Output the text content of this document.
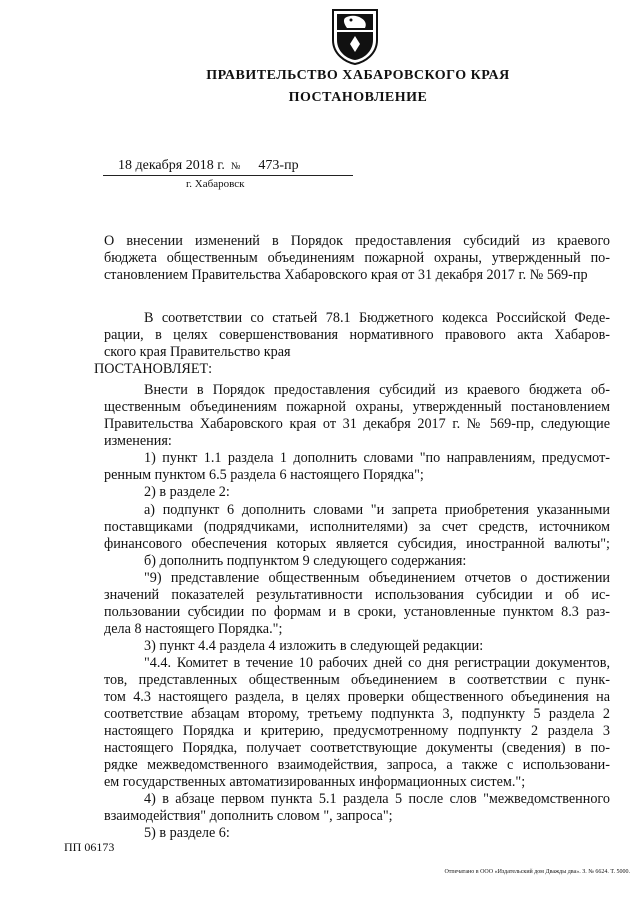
ПРАВИТЕЛЬСТВО ХАБАРОВСКОГО КРАЯ
ПОСТАНОВЛЕНИЕ
18 декабря 2018 г. № 473-пр
г. Хабаровск
О внесении изменений в Порядок предоставления субсидий из краевого
бюджета общественным объединениям пожарной охраны, утвержденный по-
становлением Правительства Хабаровского края от 31 декабря 2017 г. № 569-пр
В соответствии со статьей 78.1 Бюджетного кодекса Российской Феде-
рации, в целях совершенствования нормативного правового акта Хабаров-
ского края Правительство края
ПОСТАНОВЛЯЕТ:
Внести в Порядок предоставления субсидий из краевого бюджета об-
щественным объединениям пожарной охраны, утвержденный постановлением
Правительства Хабаровского края от 31 декабря 2017 г. № 569-пр, следующие
изменения:
1) пункт 1.1 раздела 1 дополнить словами "по направлениям, предусмот-
ренным пунктом 6.5 раздела 6 настоящего Порядка";
2) в разделе 2:
а) подпункт 6 дополнить словами "и запрета приобретения указанными
поставщиками (подрядчиками, исполнителями) за счет средств, источником
финансового обеспечения которых является субсидия, иностранной валюты";
б) дополнить подпунктом 9 следующего содержания:
"9) представление общественным объединением отчетов о достижении
значений показателей результативности использования субсидии и об ис-
пользовании субсидии по формам и в сроки, установленные пунктом 8.3 раз-
дела 8 настоящего Порядка.";
3) пункт 4.4 раздела 4 изложить в следующей редакции:
"4.4. Комитет в течение 10 рабочих дней со дня регистрации документов,
тов, представленных общественным объединением в соответствии с пунк-
том 4.3 настоящего раздела, в целях проверки общественного объединения на
соответствие абзацам второму, третьему подпункта 3, подпункту 5 раздела 2
настоящего Порядка и критерию, предусмотренному подпункту 2 раздела 3
настоящего Порядка, получает соответствующие документы (сведения) в по-
рядке межведомственного взаимодействия, запроса, а также с использовани-
ем государственных автоматизированных информационных систем.";
4) в абзаце первом пункта 5.1 раздела 5 после слов "межведомственного
взаимодействия" дополнить словом ", запроса";
5) в разделе 6:
ПП 06173
Отпечатано в ООО «Издательский дом Дважды два». З. № 6624. Т. 5000.
